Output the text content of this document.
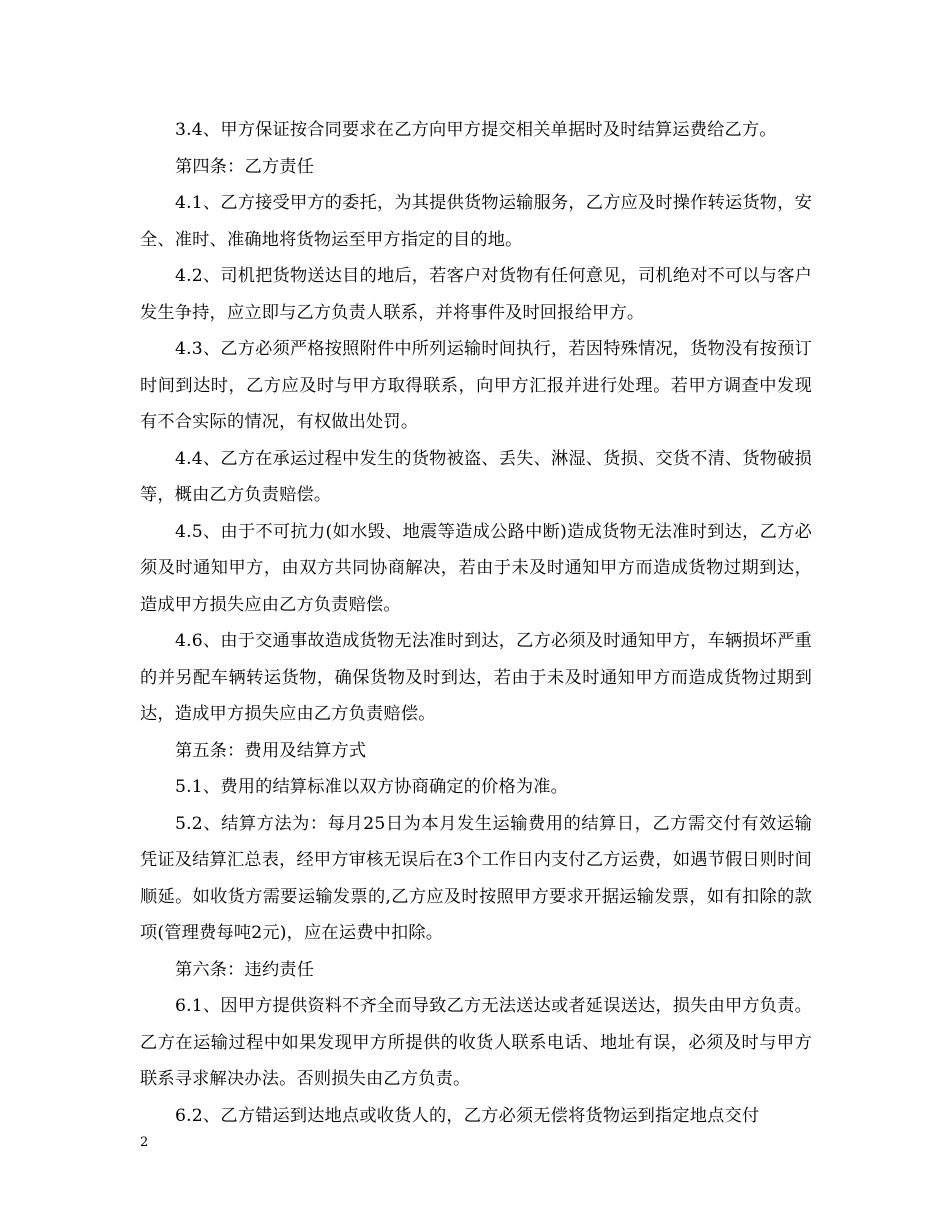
3.4、甲方保证按合同要求在乙方向甲方提交相关单据时及时结算运费给乙方。

第四条：乙方责任

4.1、乙方接受甲方的委托，为其提供货物运输服务，乙方应及时操作转运货物，安全、准时、准确地将货物运至甲方指定的目的地。

4.2、司机把货物送达目的地后，若客户对货物有任何意见，司机绝对不可以与客户发生争持，应立即与乙方负责人联系，并将事件及时回报给甲方。

4.3、乙方必须严格按照附件中所列运输时间执行，若因特殊情况，货物没有按预订时间到达时，乙方应及时与甲方取得联系，向甲方汇报并进行处理。若甲方调查中发现有不合实际的情况，有权做出处罚。

4.4、乙方在承运过程中发生的货物被盗、丢失、淋湿、货损、交货不清、货物破损等，概由乙方负责赔偿。

4.5、由于不可抗力(如水毁、地震等造成公路中断)造成货物无法准时到达，乙方必须及时通知甲方，由双方共同协商解决，若由于未及时通知甲方而造成货物过期到达，造成甲方损失应由乙方负责赔偿。

4.6、由于交通事故造成货物无法准时到达，乙方必须及时通知甲方，车辆损坏严重的并另配车辆转运货物，确保货物及时到达，若由于未及时通知甲方而造成货物过期到达，造成甲方损失应由乙方负责赔偿。

第五条：费用及结算方式

5.1、费用的结算标准以双方协商确定的价格为准。

5.2、结算方法为：每月25日为本月发生运输费用的结算日，乙方需交付有效运输凭证及结算汇总表，经甲方审核无误后在3个工作日内支付乙方运费，如遇节假日则时间顺延。如收货方需要运输发票的,乙方应及时按照甲方要求开据运输发票，如有扣除的款项(管理费每吨2元)，应在运费中扣除。

第六条：违约责任

6.1、因甲方提供资料不齐全而导致乙方无法送达或者延误送达，损失由甲方负责。乙方在运输过程中如果发现甲方所提供的收货人联系电话、地址有误，必须及时与甲方联系寻求解决办法。否则损失由乙方负责。

6.2、乙方错运到达地点或收货人的，乙方必须无偿将货物运到指定地点交付

2
